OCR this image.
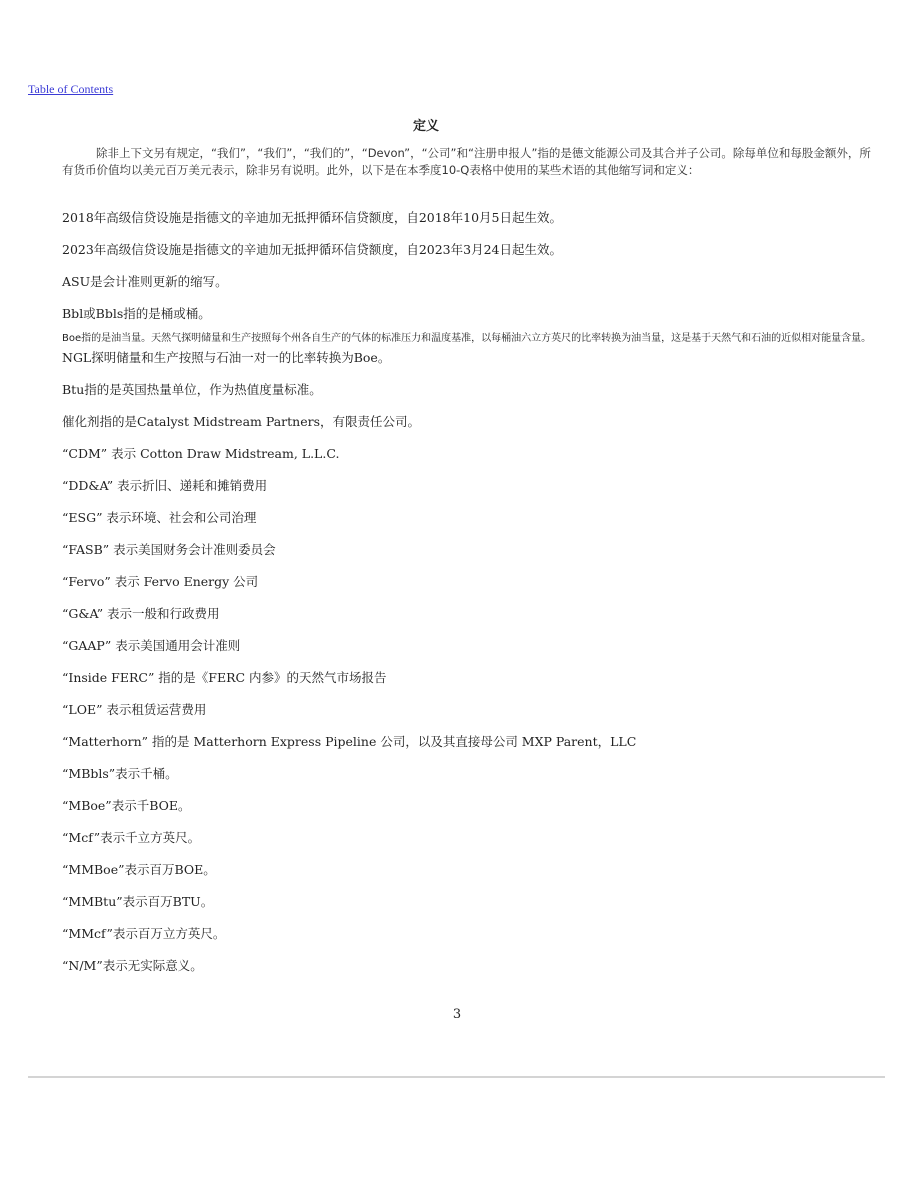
Table of Contents
定义
除非上下文另有规定，“我们”，“我们”，“我们的”，“Devon”，“公司”和“注册申报人”指的是德文能源公司及其合并子公司。除每单位和每股金额外，所有货币价值均以美元百万美元表示，除非另有说明。此外，以下是在本季度10-Q表格中使用的某些术语的其他缩写词和定义：
2018年高级信贷设施是指德文的辛迪加无抵押循环信贷额度，自2018年10月5日起生效。
2023年高级信贷设施是指德文的辛迪加无抵押循环信贷额度，自2023年3月24日起生效。
ASU是会计准则更新的缩写。
Bbl或Bbls指的是桶或桶。
Boe指的是油当量。天然气探明储量和生产按照每个州各自生产的气体的标准压力和温度基准，以每桶油六立方英尺的比率转换为油当量，这是基于天然气和石油的近似相对能量含量。
NGL探明储量和生产按照与石油一对一的比率转换为Boe。
Btu指的是英国热量单位，作为热值度量标准。
催化剂指的是Catalyst Midstream Partners，有限责任公司。
“CDM” 表示 Cotton Draw Midstream, L.L.C.
“DD&A” 表示折旧、递耗和摊销费用
“ESG” 表示环境、社会和公司治理
“FASB” 表示美国财务会计准则委员会
“Fervo” 表示 Fervo Energy 公司
“G&A” 表示一般和行政费用
“GAAP” 表示美国通用会计准则
“Inside FERC” 指的是《FERC 内参》的天然气市场报告
“LOE” 表示租赁运营费用
“Matterhorn” 指的是 Matterhorn Express Pipeline 公司，以及其直接母公司 MXP Parent，LLC
“MBbls”表示千桶。
“MBoe”表示千BOE。
“Mcf”表示千立方英尺。
“MMBoe”表示百万BOE。
“MMBtu”表示百万BTU。
“MMcf”表示百万立方英尺。
“N/M”表示无实际意义。
3
